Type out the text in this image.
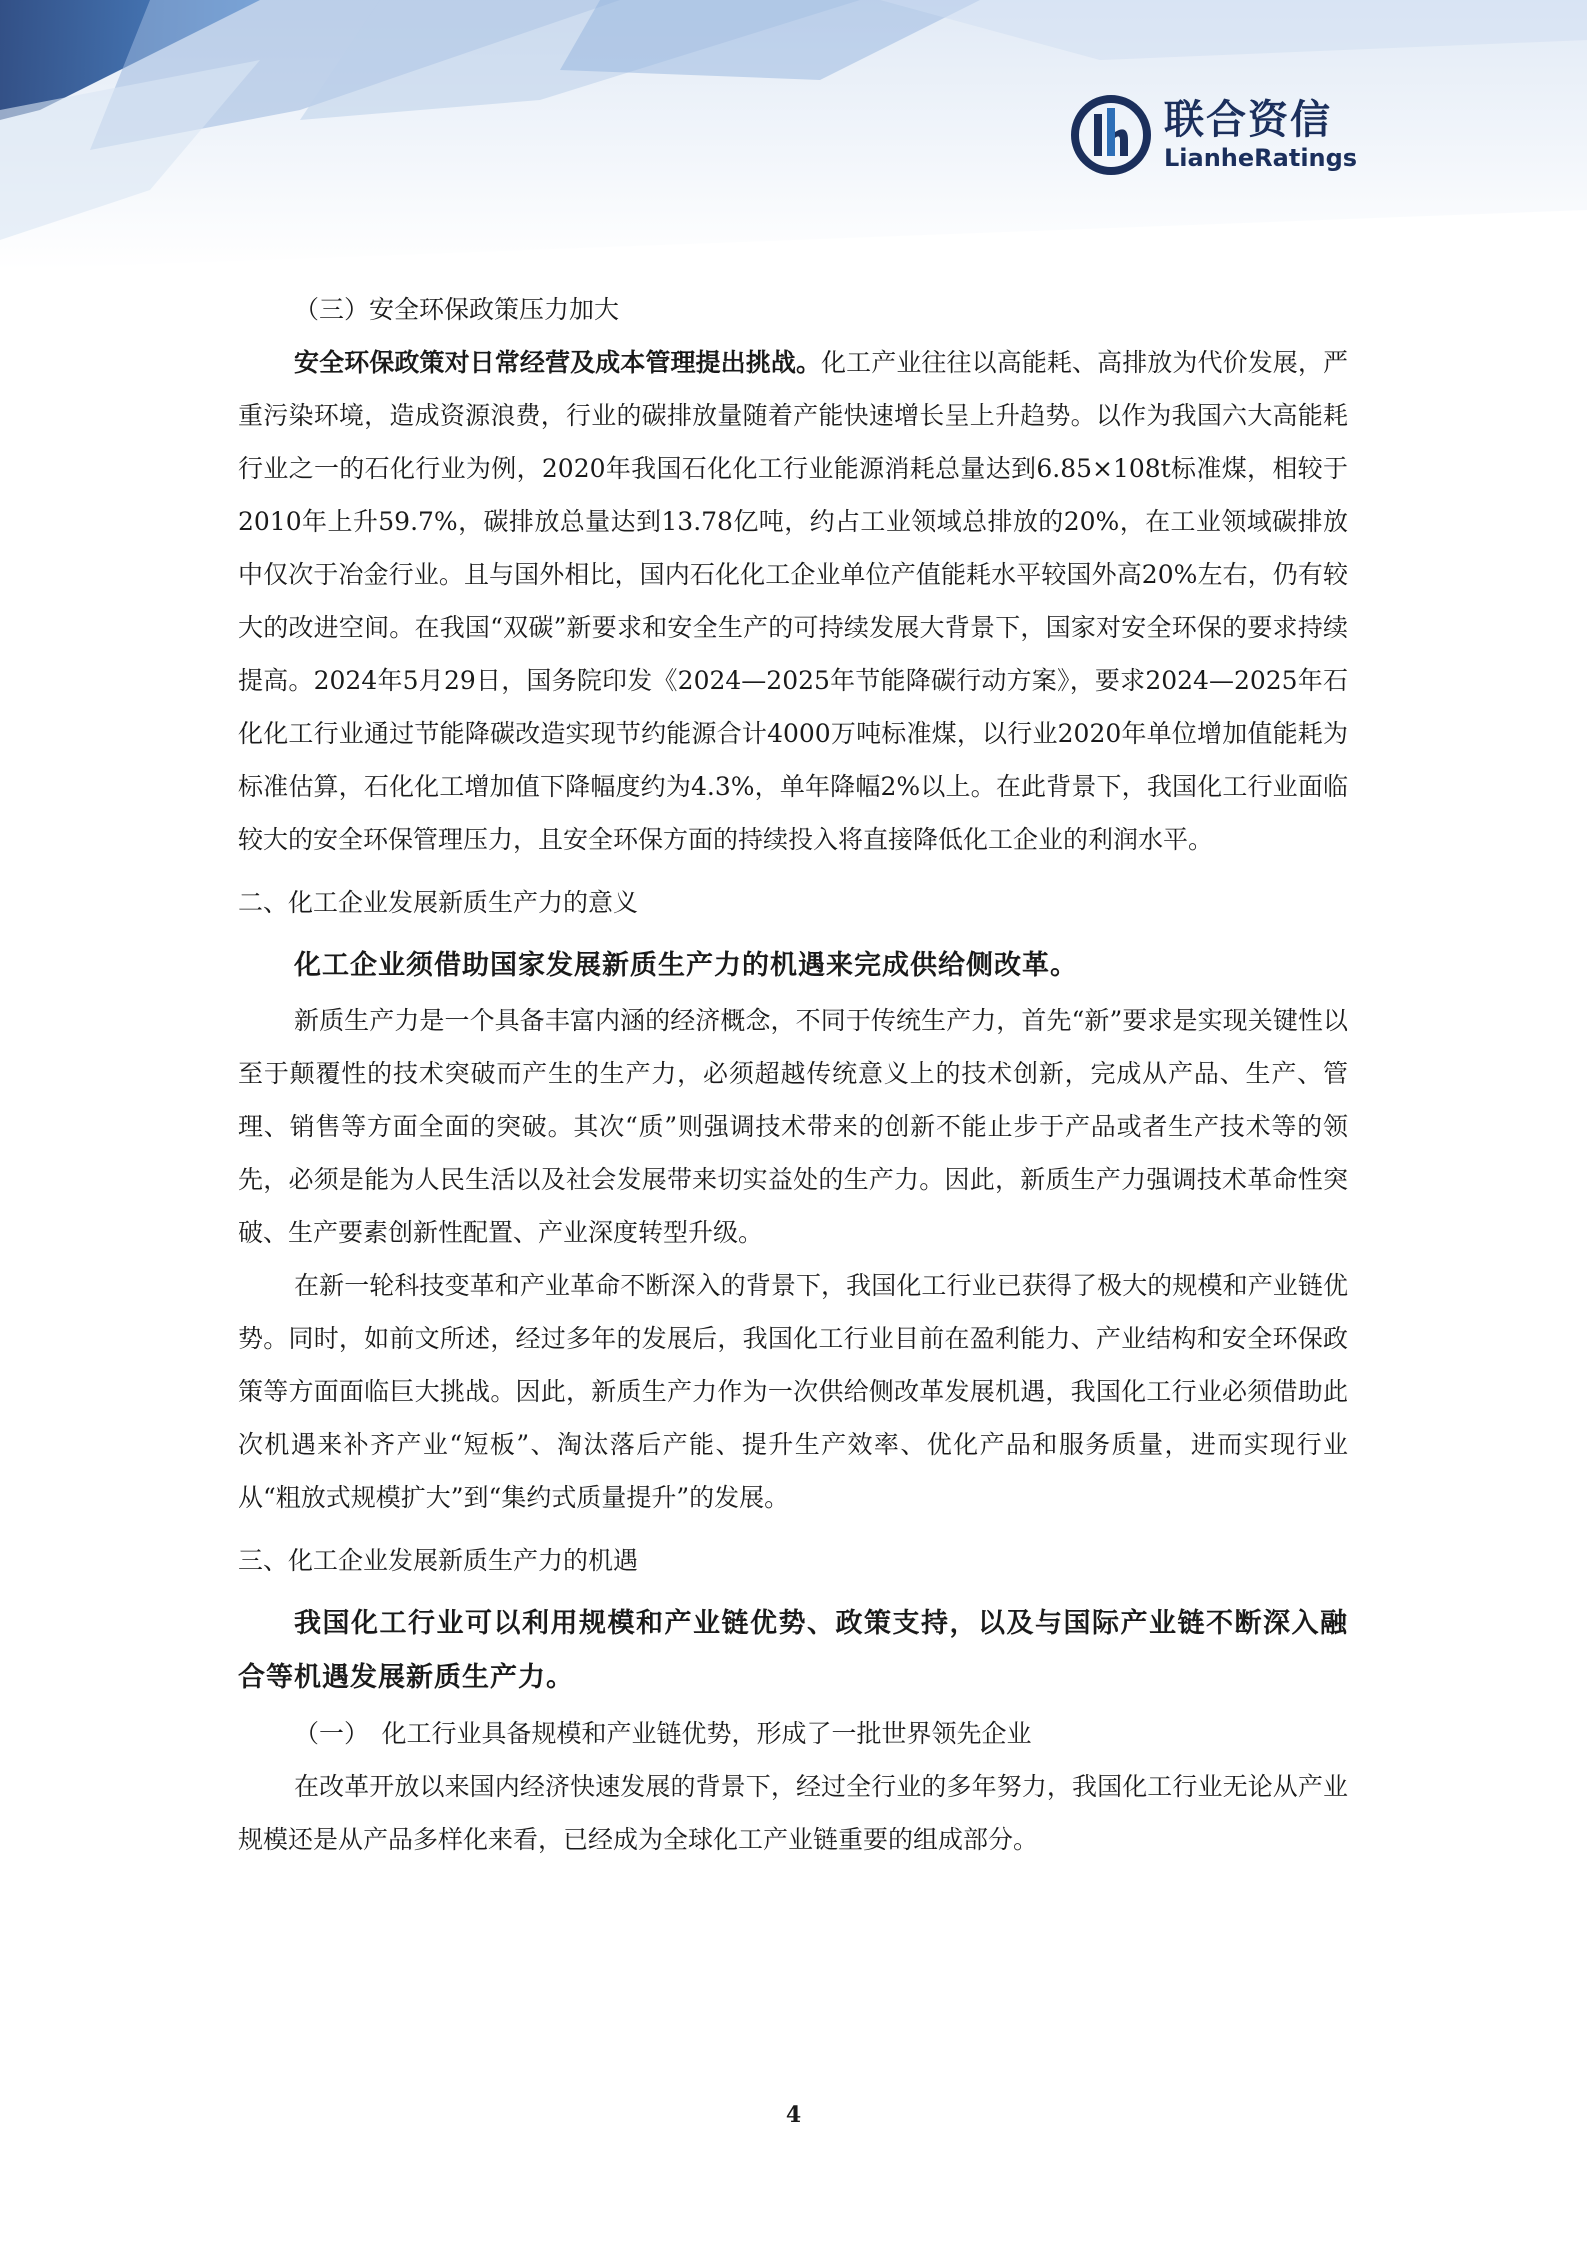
联合资信
LianheRatings

（三）安全环保政策压力加大

安全环保政策对日常经营及成本管理提出挑战。化工产业往往以高能耗、高排放为代价发展，严重污染环境，造成资源浪费，行业的碳排放量随着产能快速增长呈上升趋势。以作为我国六大高能耗行业之一的石化行业为例，2020年我国石化化工行业能源消耗总量达到6.85×108t标准煤，相较于2010年上升59.7%，碳排放总量达到13.78亿吨，约占工业领域总排放的20%，在工业领域碳排放中仅次于冶金行业。且与国外相比，国内石化化工企业单位产值能耗水平较国外高20%左右，仍有较大的改进空间。在我国“双碳”新要求和安全生产的可持续发展大背景下，国家对安全环保的要求持续提高。2024年5月29日，国务院印发《2024—2025年节能降碳行动方案》，要求2024—2025年石化化工行业通过节能降碳改造实现节约能源合计4000万吨标准煤，以行业2020年单位增加值能耗为标准估算，石化化工增加值下降幅度约为4.3%，单年降幅2%以上。在此背景下，我国化工行业面临较大的安全环保管理压力，且安全环保方面的持续投入将直接降低化工企业的利润水平。

二、化工企业发展新质生产力的意义

化工企业须借助国家发展新质生产力的机遇来完成供给侧改革。

新质生产力是一个具备丰富内涵的经济概念，不同于传统生产力，首先“新”要求是实现关键性以至于颠覆性的技术突破而产生的生产力，必须超越传统意义上的技术创新，完成从产品、生产、管理、销售等方面全面的突破。其次“质”则强调技术带来的创新不能止步于产品或者生产技术等的领先，必须是能为人民生活以及社会发展带来切实益处的生产力。因此，新质生产力强调技术革命性突破、生产要素创新性配置、产业深度转型升级。

在新一轮科技变革和产业革命不断深入的背景下，我国化工行业已获得了极大的规模和产业链优势。同时，如前文所述，经过多年的发展后，我国化工行业目前在盈利能力、产业结构和安全环保政策等方面面临巨大挑战。因此，新质生产力作为一次供给侧改革发展机遇，我国化工行业必须借助此次机遇来补齐产业“短板”、淘汰落后产能、提升生产效率、优化产品和服务质量，进而实现行业从“粗放式规模扩大”到“集约式质量提升”的发展。

三、化工企业发展新质生产力的机遇

我国化工行业可以利用规模和产业链优势、政策支持，以及与国际产业链不断深入融合等机遇发展新质生产力。

（一）　化工行业具备规模和产业链优势，形成了一批世界领先企业

在改革开放以来国内经济快速发展的背景下，经过全行业的多年努力，我国化工行业无论从产业规模还是从产品多样化来看，已经成为全球化工产业链重要的组成部分。

4
